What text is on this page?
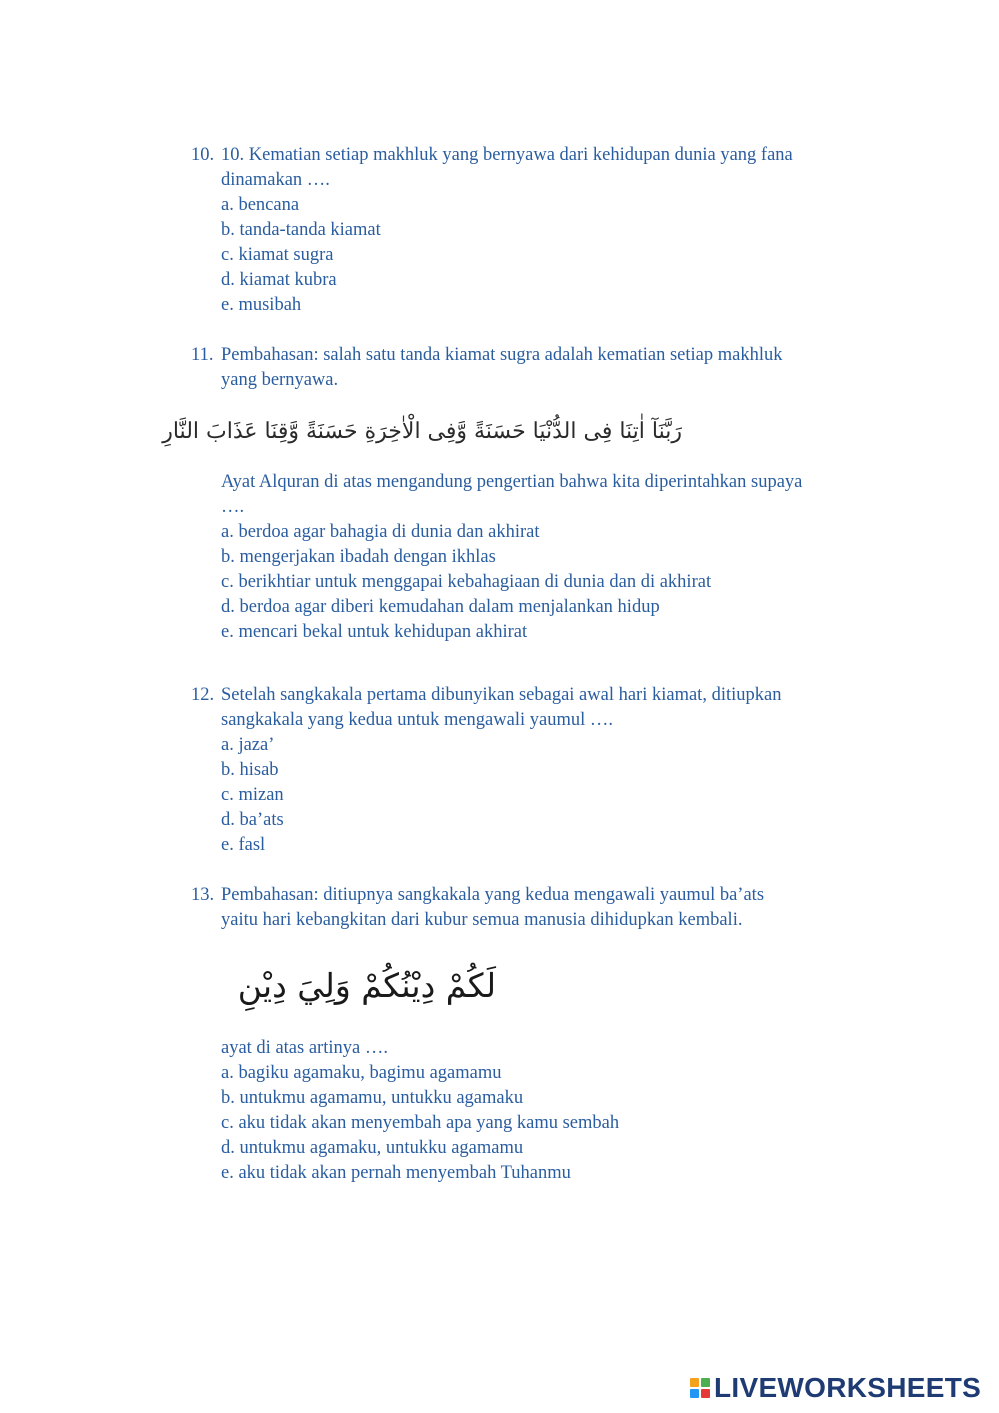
10. 10. Kematian setiap makhluk yang bernyawa dari kehidupan dunia yang fana
dinamakan ….
a. bencana
b. tanda-tanda kiamat
c. kiamat sugra
d. kiamat kubra
e. musibah
11. Pembahasan: salah satu tanda kiamat sugra adalah kematian setiap makhluk
yang bernyawa.
رَبَّنَآ اٰتِنَا فِى الدُّنْيَا حَسَنَةً وَّفِى الْاٰخِرَةِ حَسَنَةً وَّقِنَا عَذَابَ النَّارِ
Ayat Alquran di atas mengandung pengertian bahwa kita diperintahkan supaya
….
a. berdoa agar bahagia di dunia dan akhirat
b. mengerjakan ibadah dengan ikhlas
c. berikhtiar untuk menggapai kebahagiaan di dunia dan di akhirat
d. berdoa agar diberi kemudahan dalam menjalankan hidup
e. mencari bekal untuk kehidupan akhirat
12. Setelah sangkakala pertama dibunyikan sebagai awal hari kiamat, ditiupkan
sangkakala yang kedua untuk mengawali yaumul ….
a. jaza’
b. hisab
c. mizan
d. ba’ats
e. fasl
13. Pembahasan: ditiupnya sangkakala yang kedua mengawali yaumul ba’ats
yaitu hari kebangkitan dari kubur semua manusia dihidupkan kembali.
لَكُمْ دِيْنُكُمْ وَلِيَ دِيْنِ
ayat di atas artinya ….
a. bagiku agamaku, bagimu agamamu
b. untukmu agamamu, untukku agamaku
c. aku tidak akan menyembah apa yang kamu sembah
d. untukmu agamaku, untukku agamamu
e. aku tidak akan pernah menyembah Tuhanmu
LIVEWORKSHEETS
